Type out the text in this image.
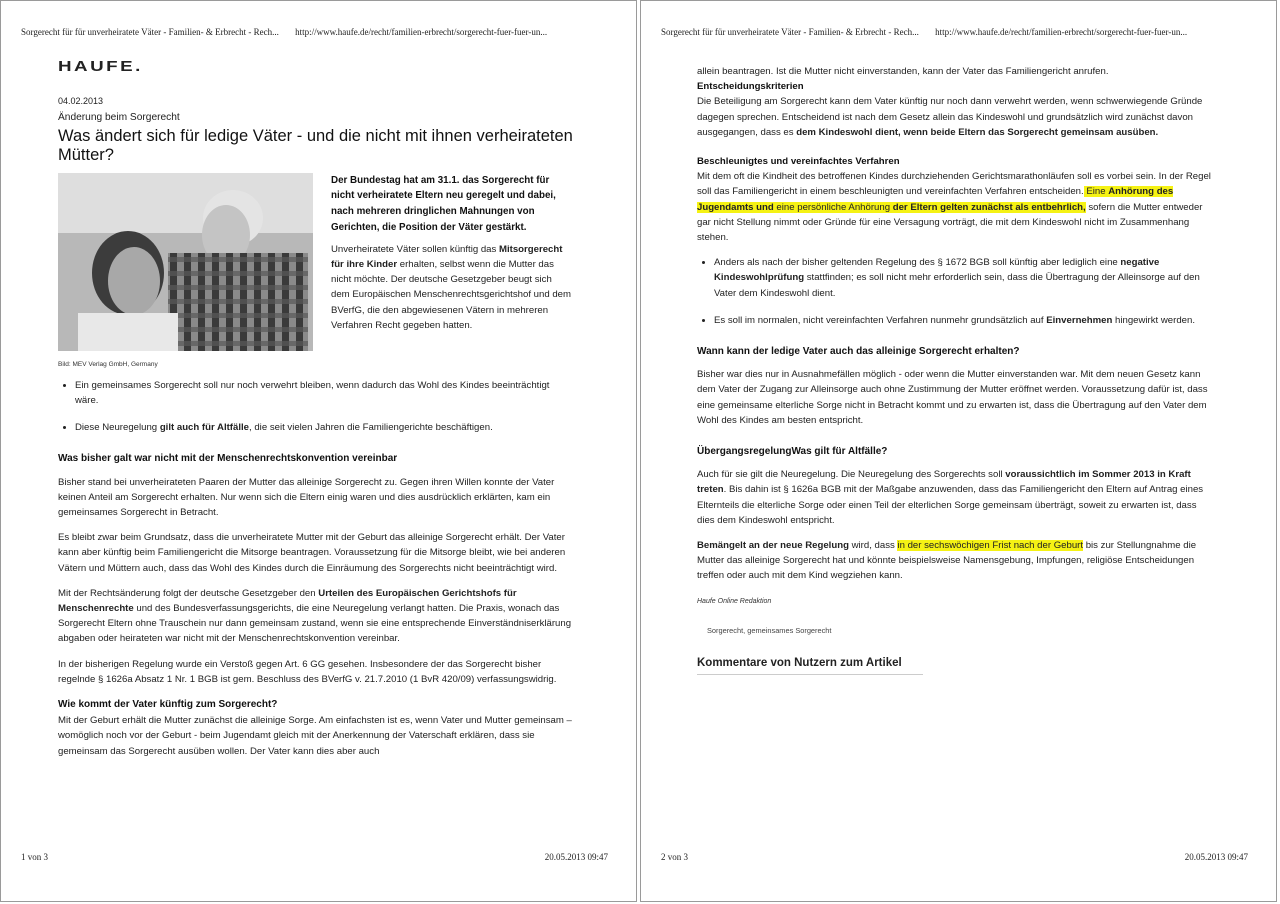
Sorgerecht für für unverheiratete Väter - Familien- & Erbrecht - Rech... http://www.haufe.de/recht/familien-erbrecht/sorgerecht-fuer-fuer-un...
HAUFE.
04.02.2013
Änderung beim Sorgerecht
Was ändert sich für ledige Väter - und die nicht mit ihnen verheirateten Mütter?
Bild: MEV Verlag GmbH, Germany

Der Bundestag hat am 31.1. das Sorgerecht für nicht verheiratete Eltern neu geregelt und dabei, nach mehreren dringlichen Mahnungen von Gerichten, die Position der Väter gestärkt.

Unverheiratete Väter sollen künftig das Mitsorgerecht für ihre Kinder erhalten, selbst wenn die Mutter das nicht möchte. Der deutsche Gesetzgeber beugt sich dem Europäischen Menschenrechtsgerichtshof und dem BVerfG, die den abgewiesenen Vätern in mehreren Verfahren Recht gegeben hatten.

• Ein gemeinsames Sorgerecht soll nur noch verwehrt bleiben, wenn dadurch das Wohl des Kindes beeinträchtigt wäre.
• Diese Neuregelung gilt auch für Altfälle, die seit vielen Jahren die Familiengerichte beschäftigen.
Was bisher galt war nicht mit der Menschenrechtskonvention vereinbar

Bisher stand bei unverheirateten Paaren der Mutter das alleinige Sorgerecht zu. Gegen ihren Willen konnte der Vater keinen Anteil am Sorgerecht erhalten. Nur wenn sich die Eltern einig waren und dies ausdrücklich erklärten, kam ein gemeinsames Sorgerecht in Betracht.

Es bleibt zwar beim Grundsatz, dass die unverheiratete Mutter mit der Geburt das alleinige Sorgerecht erhält. Der Vater kann aber künftig beim Familiengericht die Mitsorge beantragen. Voraussetzung für die Mitsorge bleibt, wie bei anderen Vätern und Müttern auch, dass das Wohl des Kindes durch die Einräumung des Sorgerechts nicht beeinträchtigt wird.

Mit der Rechtsänderung folgt der deutsche Gesetzgeber den Urteilen des Europäischen Gerichtshofs für Menschenrechte und des Bundesverfassungsgerichts, die eine Neuregelung verlangt hatten. Die Praxis, wonach das Sorgerecht Eltern ohne Trauschein nur dann gemeinsam zustand, wenn sie eine entsprechende Einverständniserklärung abgaben oder heirateten war nicht mit der Menschenrechtskonvention vereinbar.

In der bisherigen Regelung wurde ein Verstoß gegen Art. 6 GG gesehen. Insbesondere der das Sorgerecht bisher regelnde § 1626a Absatz 1 Nr. 1 BGB ist gem. Beschluss des BVerfG v. 21.7.2010 (1 BvR 420/09) verfassungswidrig.

Wie kommt der Vater künftig zum Sorgerecht?

Mit der Geburt erhält die Mutter zunächst die alleinige Sorge. Am einfachsten ist es, wenn Vater und Mutter gemeinsam – womöglich noch vor der Geburt - beim Jugendamt gleich mit der Anerkennung der Vaterschaft erklären, dass sie gemeinsam das Sorgerecht ausüben wollen. Der Vater kann dies aber auch

1 von 3	20.05.2013 09:47
Sorgerecht für für unverheiratete Väter - Familien- & Erbrecht - Rech... http://www.haufe.de/recht/familien-erbrecht/sorgerecht-fuer-fuer-un...
allein beantragen. Ist die Mutter nicht einverstanden, kann der Vater das Familiengericht anrufen.
Entscheidungskriterien

Die Beteiligung am Sorgerecht kann dem Vater künftig nur noch dann verwehrt werden, wenn schwerwiegende Gründe dagegen sprechen. Entscheidend ist nach dem Gesetz allein das Kindeswohl und grundsätzlich wird zunächst davon ausgegangen, dass es dem Kindeswohl dient, wenn beide Eltern das Sorgerecht gemeinsam ausüben.

Beschleunigtes und vereinfachtes Verfahren

Mit dem oft die Kindheit des betroffenen Kindes durchziehenden Gerichtsmarathonläufen soll es vorbei sein. In der Regel soll das Familiengericht in einem beschleunigten und vereinfachten Verfahren entscheiden. Eine Anhörung des Jugendamts und eine persönliche Anhörung der Eltern gelten zunächst als entbehrlich, sofern die Mutter entweder gar nicht Stellung nimmt oder Gründe für eine Versagung vorträgt, die mit dem Kindeswohl nicht im Zusammenhang stehen.

• Anders als nach der bisher geltenden Regelung des § 1672 BGB soll künftig aber lediglich eine negative Kindeswohlprüfung stattfinden; es soll nicht mehr erforderlich sein, dass die Übertragung der Alleinsorge auf den Vater dem Kindeswohl dient.
• Es soll im normalen, nicht vereinfachten Verfahren nunmehr grundsätzlich auf Einvernehmen hingewirkt werden.
Wann kann der ledige Vater auch das alleinige Sorgerecht erhalten?

Bisher war dies nur in Ausnahmefällen möglich - oder wenn die Mutter einverstanden war. Mit dem neuen Gesetz kann dem Vater der Zugang zur Alleinsorge auch ohne Zustimmung der Mutter eröffnet werden. Voraussetzung dafür ist, dass eine gemeinsame elterliche Sorge nicht in Betracht kommt und zu erwarten ist, dass die Übertragung auf den Vater dem Wohl des Kindes am besten entspricht.

ÜbergangsregelungWas gilt für Altfälle?

Auch für sie gilt die Neuregelung. Die Neuregelung des Sorgerechts soll voraussichtlich im Sommer 2013 in Kraft treten. Bis dahin ist § 1626a BGB mit der Maßgabe anzuwenden, dass das Familiengericht den Eltern auf Antrag eines Elternteils die elterliche Sorge oder einen Teil der elterlichen Sorge gemeinsam überträgt, soweit zu erwarten ist, dass dies dem Kindeswohl entspricht.

Bemängelt an der neue Regelung wird, dass in der sechswöchigen Frist nach der Geburt bis zur Stellungnahme die Mutter das alleinige Sorgerecht hat und könnte beispielsweise Namensgebung, Impfungen, religiöse Entscheidungen treffen oder auch mit dem Kind wegziehen kann.

Haufe Online Redaktion
Sorgerecht, gemeinsames Sorgerecht
Kommentare von Nutzern zum Artikel
2 von 3	20.05.2013 09:47
